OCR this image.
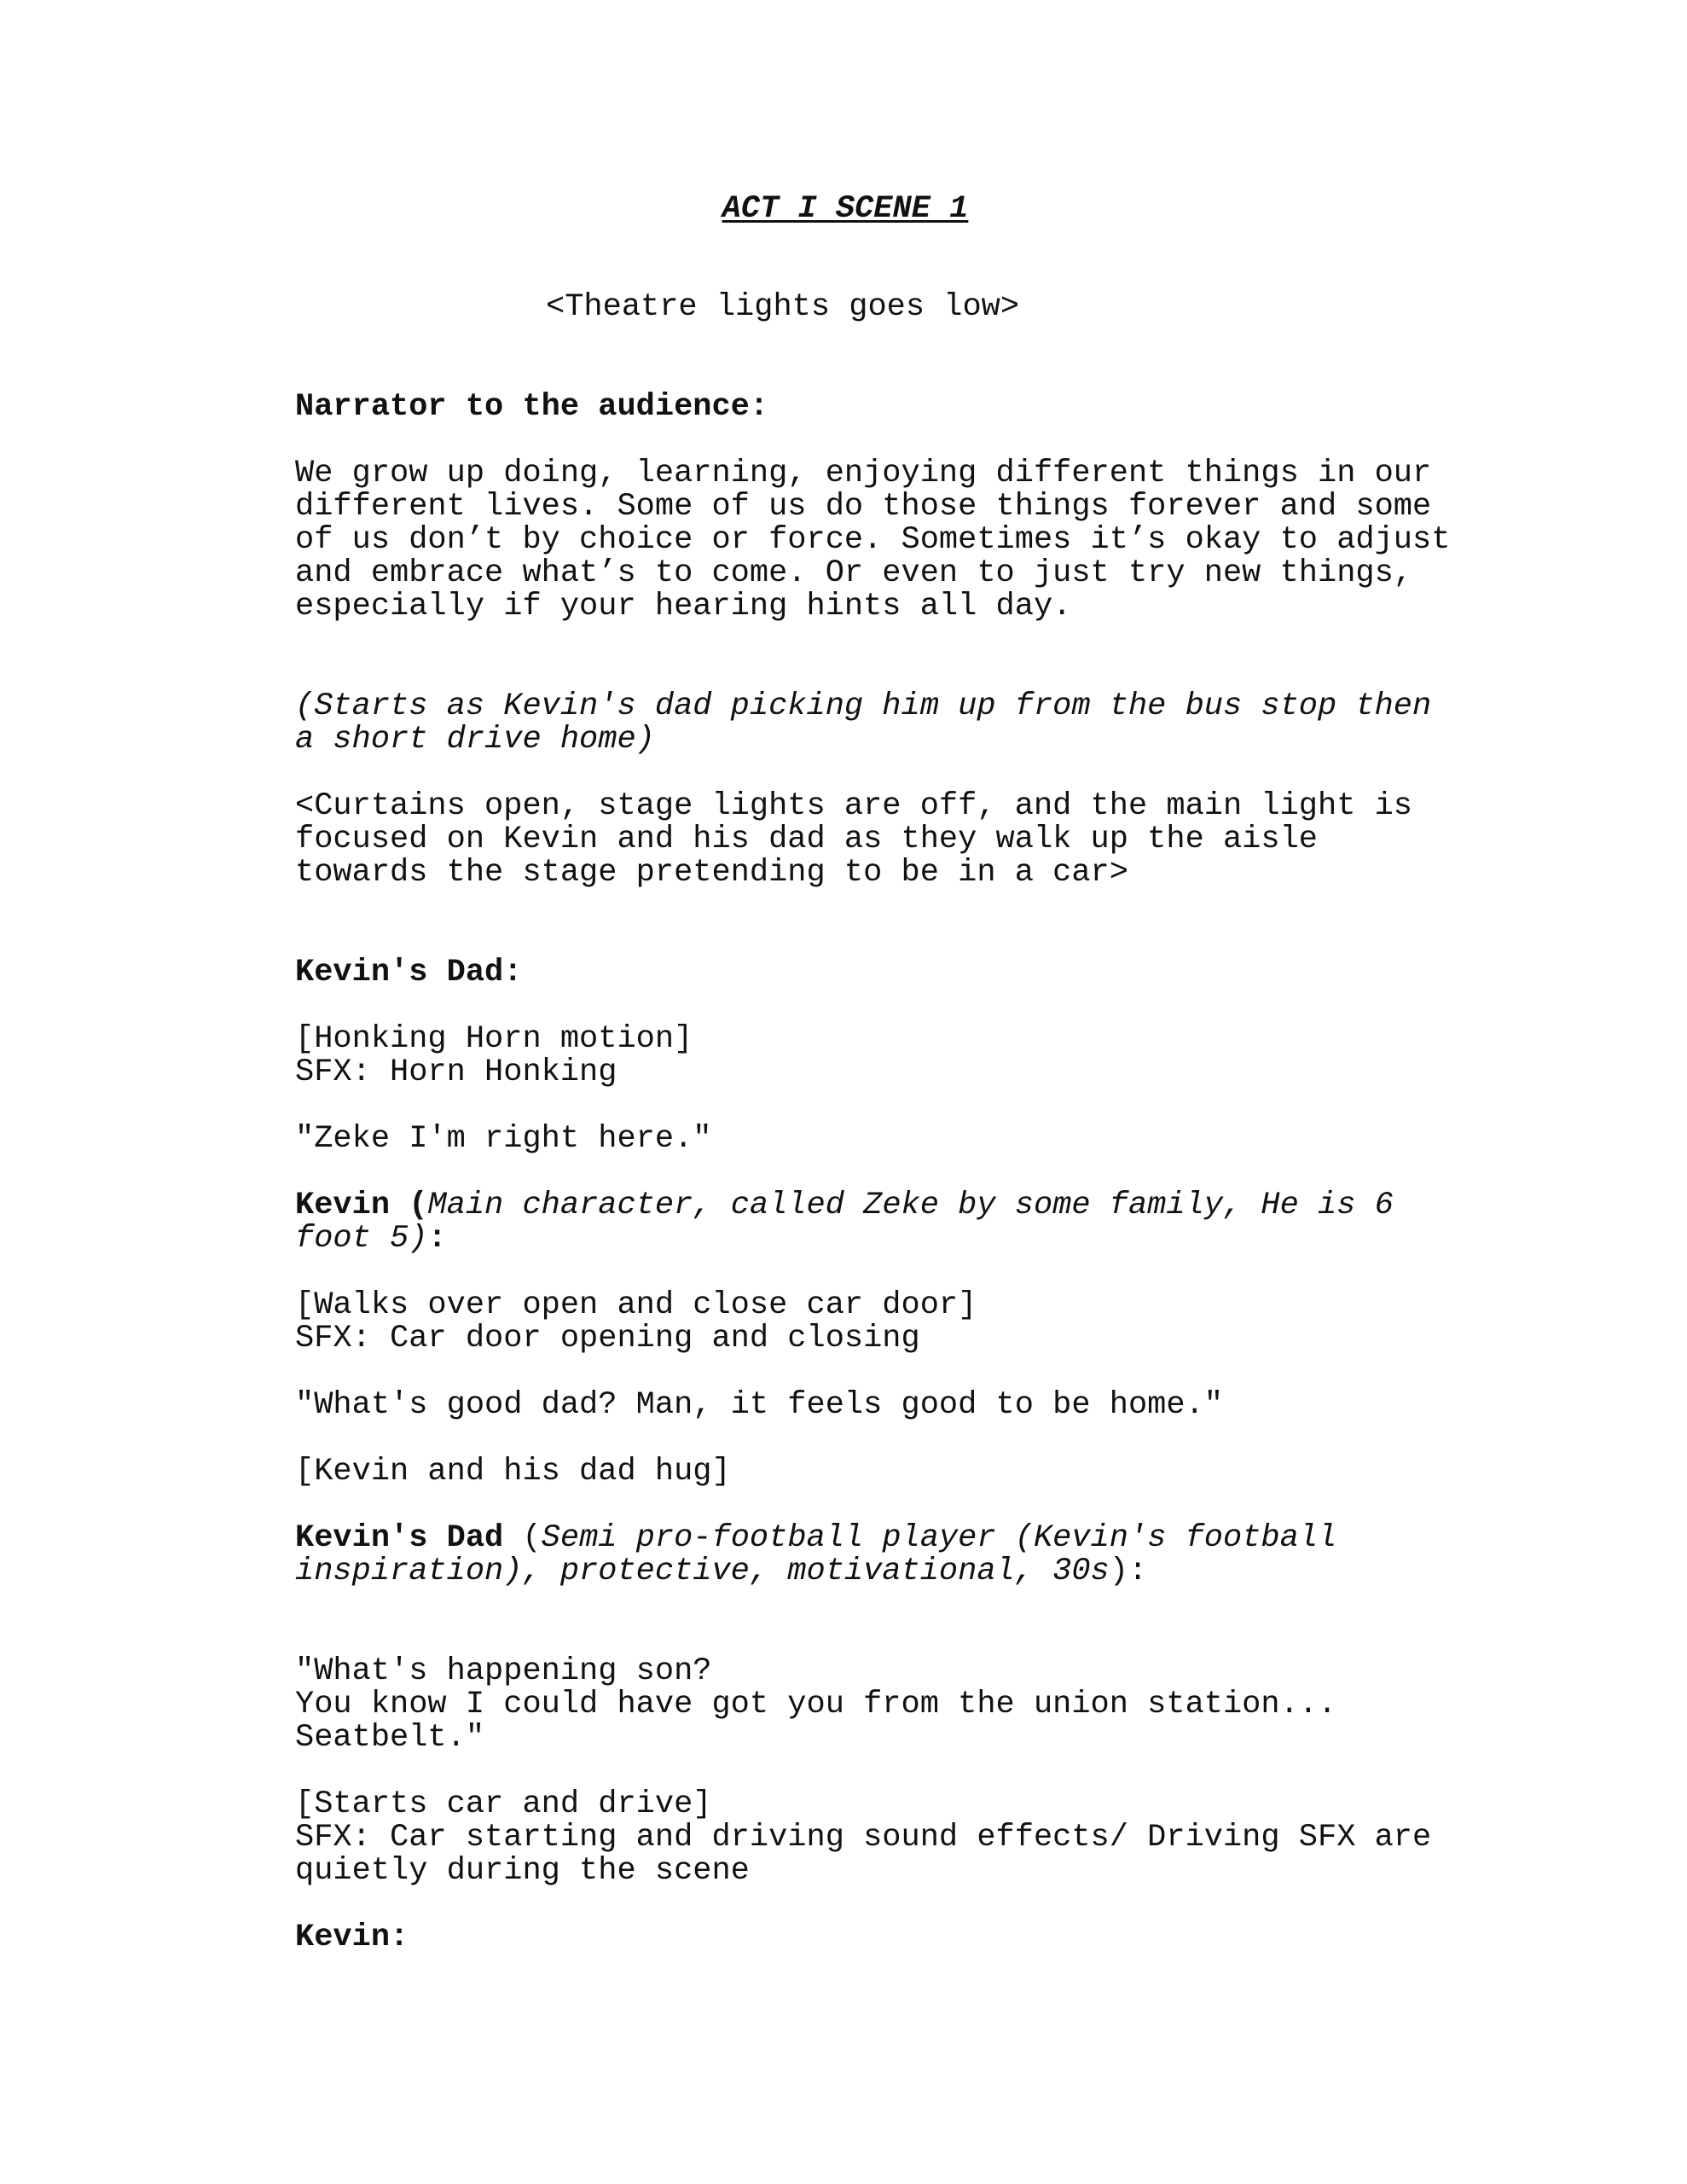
ACT I SCENE 1
<Theatre lights goes low>
Narrator to the audience:
We grow up doing, learning, enjoying different things in our
different lives. Some of us do those things forever and some
of us don’t by choice or force. Sometimes it’s okay to adjust
and embrace what’s to come. Or even to just try new things,
especially if your hearing hints all day.
(Starts as Kevin's dad picking him up from the bus stop then
a short drive home)
<Curtains open, stage lights are off, and the main light is
focused on Kevin and his dad as they walk up the aisle
towards the stage pretending to be in a car>
Kevin's Dad:
[Honking Horn motion]
SFX: Horn Honking
"Zeke I'm right here."
Kevin (Main character, called Zeke by some family, He is 6
foot 5):
[Walks over open and close car door]
SFX: Car door opening and closing
"What's good dad? Man, it feels good to be home."
[Kevin and his dad hug]
Kevin's Dad (Semi pro-football player (Kevin's football
inspiration), protective, motivational, 30s):
"What's happening son?
You know I could have got you from the union station...
Seatbelt."
[Starts car and drive]
SFX: Car starting and driving sound effects/ Driving SFX are
quietly during the scene
Kevin:
